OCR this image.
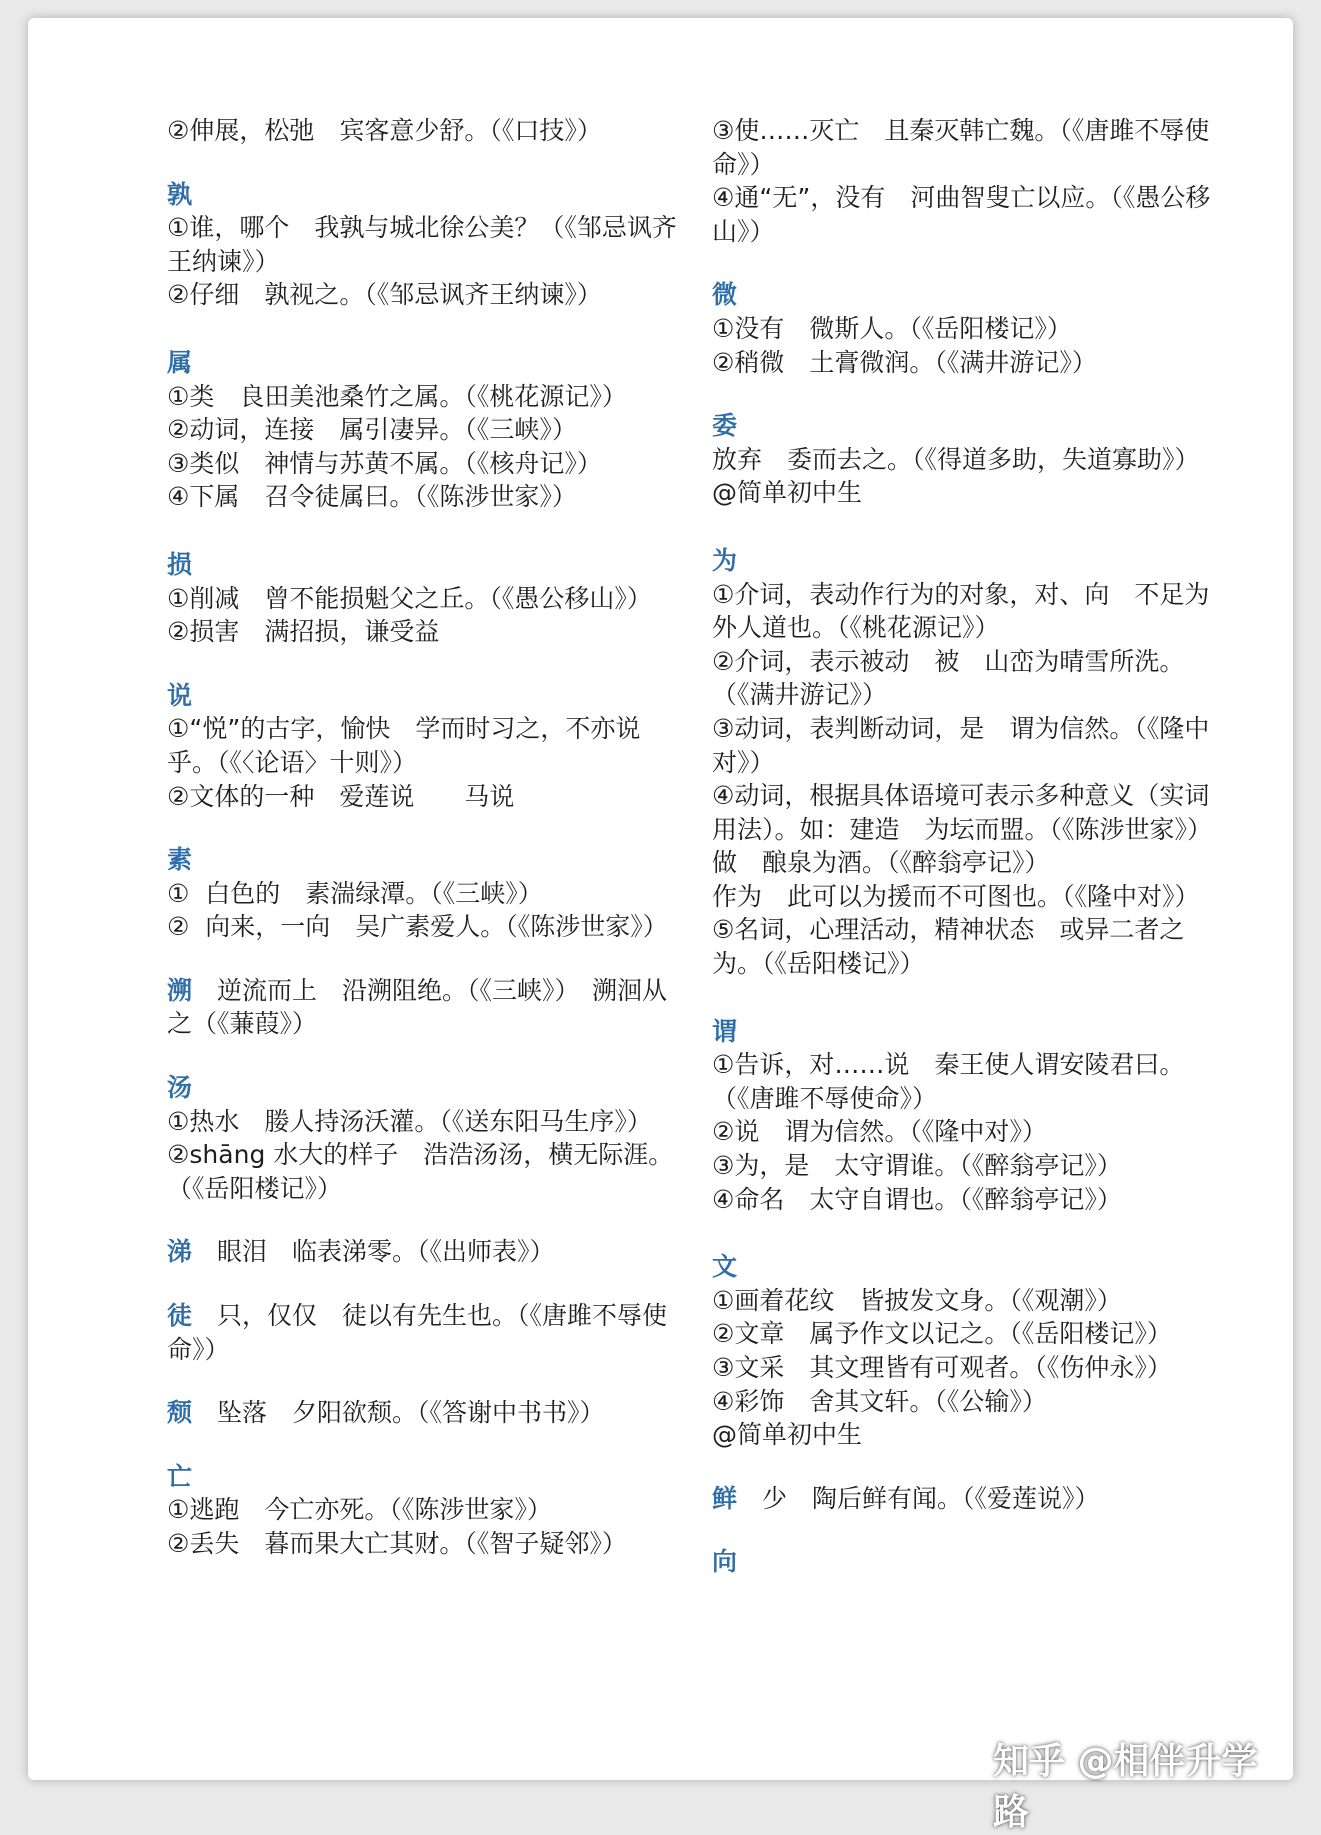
②伸展，松弛　宾客意少舒。（《口技》）
孰
①谁，哪个　我孰与城北徐公美？（《邹忌讽齐王纳谏》）
②仔细　孰视之。（《邹忌讽齐王纳谏》）
属
①类　良田美池桑竹之属。（《桃花源记》）
②动词，连接　属引凄异。（《三峡》）
③类似　神情与苏黄不属。（《核舟记》）
④下属　召令徒属曰。（《陈涉世家》）
损
①削减　曾不能损魁父之丘。（《愚公移山》）
②损害　满招损，谦受益
说
①“悦”的古字，愉快　学而时习之，不亦说乎。（《〈论语〉十则》）
②文体的一种　爱莲说　　马说
素
①  白色的　素湍绿潭。（《三峡》）
②  向来，一向　吴广素爱人。（《陈涉世家》）
溯　逆流而上　沿溯阻绝。（《三峡》）　溯洄从之（《蒹葭》）
汤
①热水　媵人持汤沃灌。（《送东阳马生序》）
②shāng 水大的样子　浩浩汤汤，横无际涯。（《岳阳楼记》）
涕　眼泪　临表涕零。（《出师表》）
徒　只，仅仅　徒以有先生也。（《唐雎不辱使命》）
颓　坠落　夕阳欲颓。（《答谢中书书》）
亡
①逃跑　今亡亦死。（《陈涉世家》）
②丢失　暮而果大亡其财。（《智子疑邻》）
③使……灭亡　且秦灭韩亡魏。（《唐雎不辱使命》）
④通“无”，没有　河曲智叟亡以应。（《愚公移山》）
微
①没有　微斯人。（《岳阳楼记》）
②稍微　土膏微润。（《满井游记》）
委
放弃　委而去之。（《得道多助，失道寡助》）
@简单初中生
为
①介词，表动作行为的对象，对、向　不足为外人道也。（《桃花源记》）
②介词，表示被动　被　山峦为晴雪所洗。（《满井游记》）
③动词，表判断动词，是　谓为信然。（《隆中对》）
④动词，根据具体语境可表示多种意义（实词用法）。如：建造　为坛而盟。（《陈涉世家》）
做　酿泉为酒。（《醉翁亭记》）
作为　此可以为援而不可图也。（《隆中对》）
⑤名词，心理活动，精神状态　或异二者之为。（《岳阳楼记》）
谓
①告诉，对……说　秦王使人谓安陵君曰。（《唐雎不辱使命》）
②说　谓为信然。（《隆中对》）
③为，是　太守谓谁。（《醉翁亭记》）
④命名　太守自谓也。（《醉翁亭记》）
文
①画着花纹　皆披发文身。（《观潮》）
②文章　属予作文以记之。（《岳阳楼记》）
③文采　其文理皆有可观者。（《伤仲永》）
④彩饰　舍其文轩。（《公输》）
@简单初中生
鲜　少　陶后鲜有闻。（《爱莲说》）
向
知乎 @相伴升学路
